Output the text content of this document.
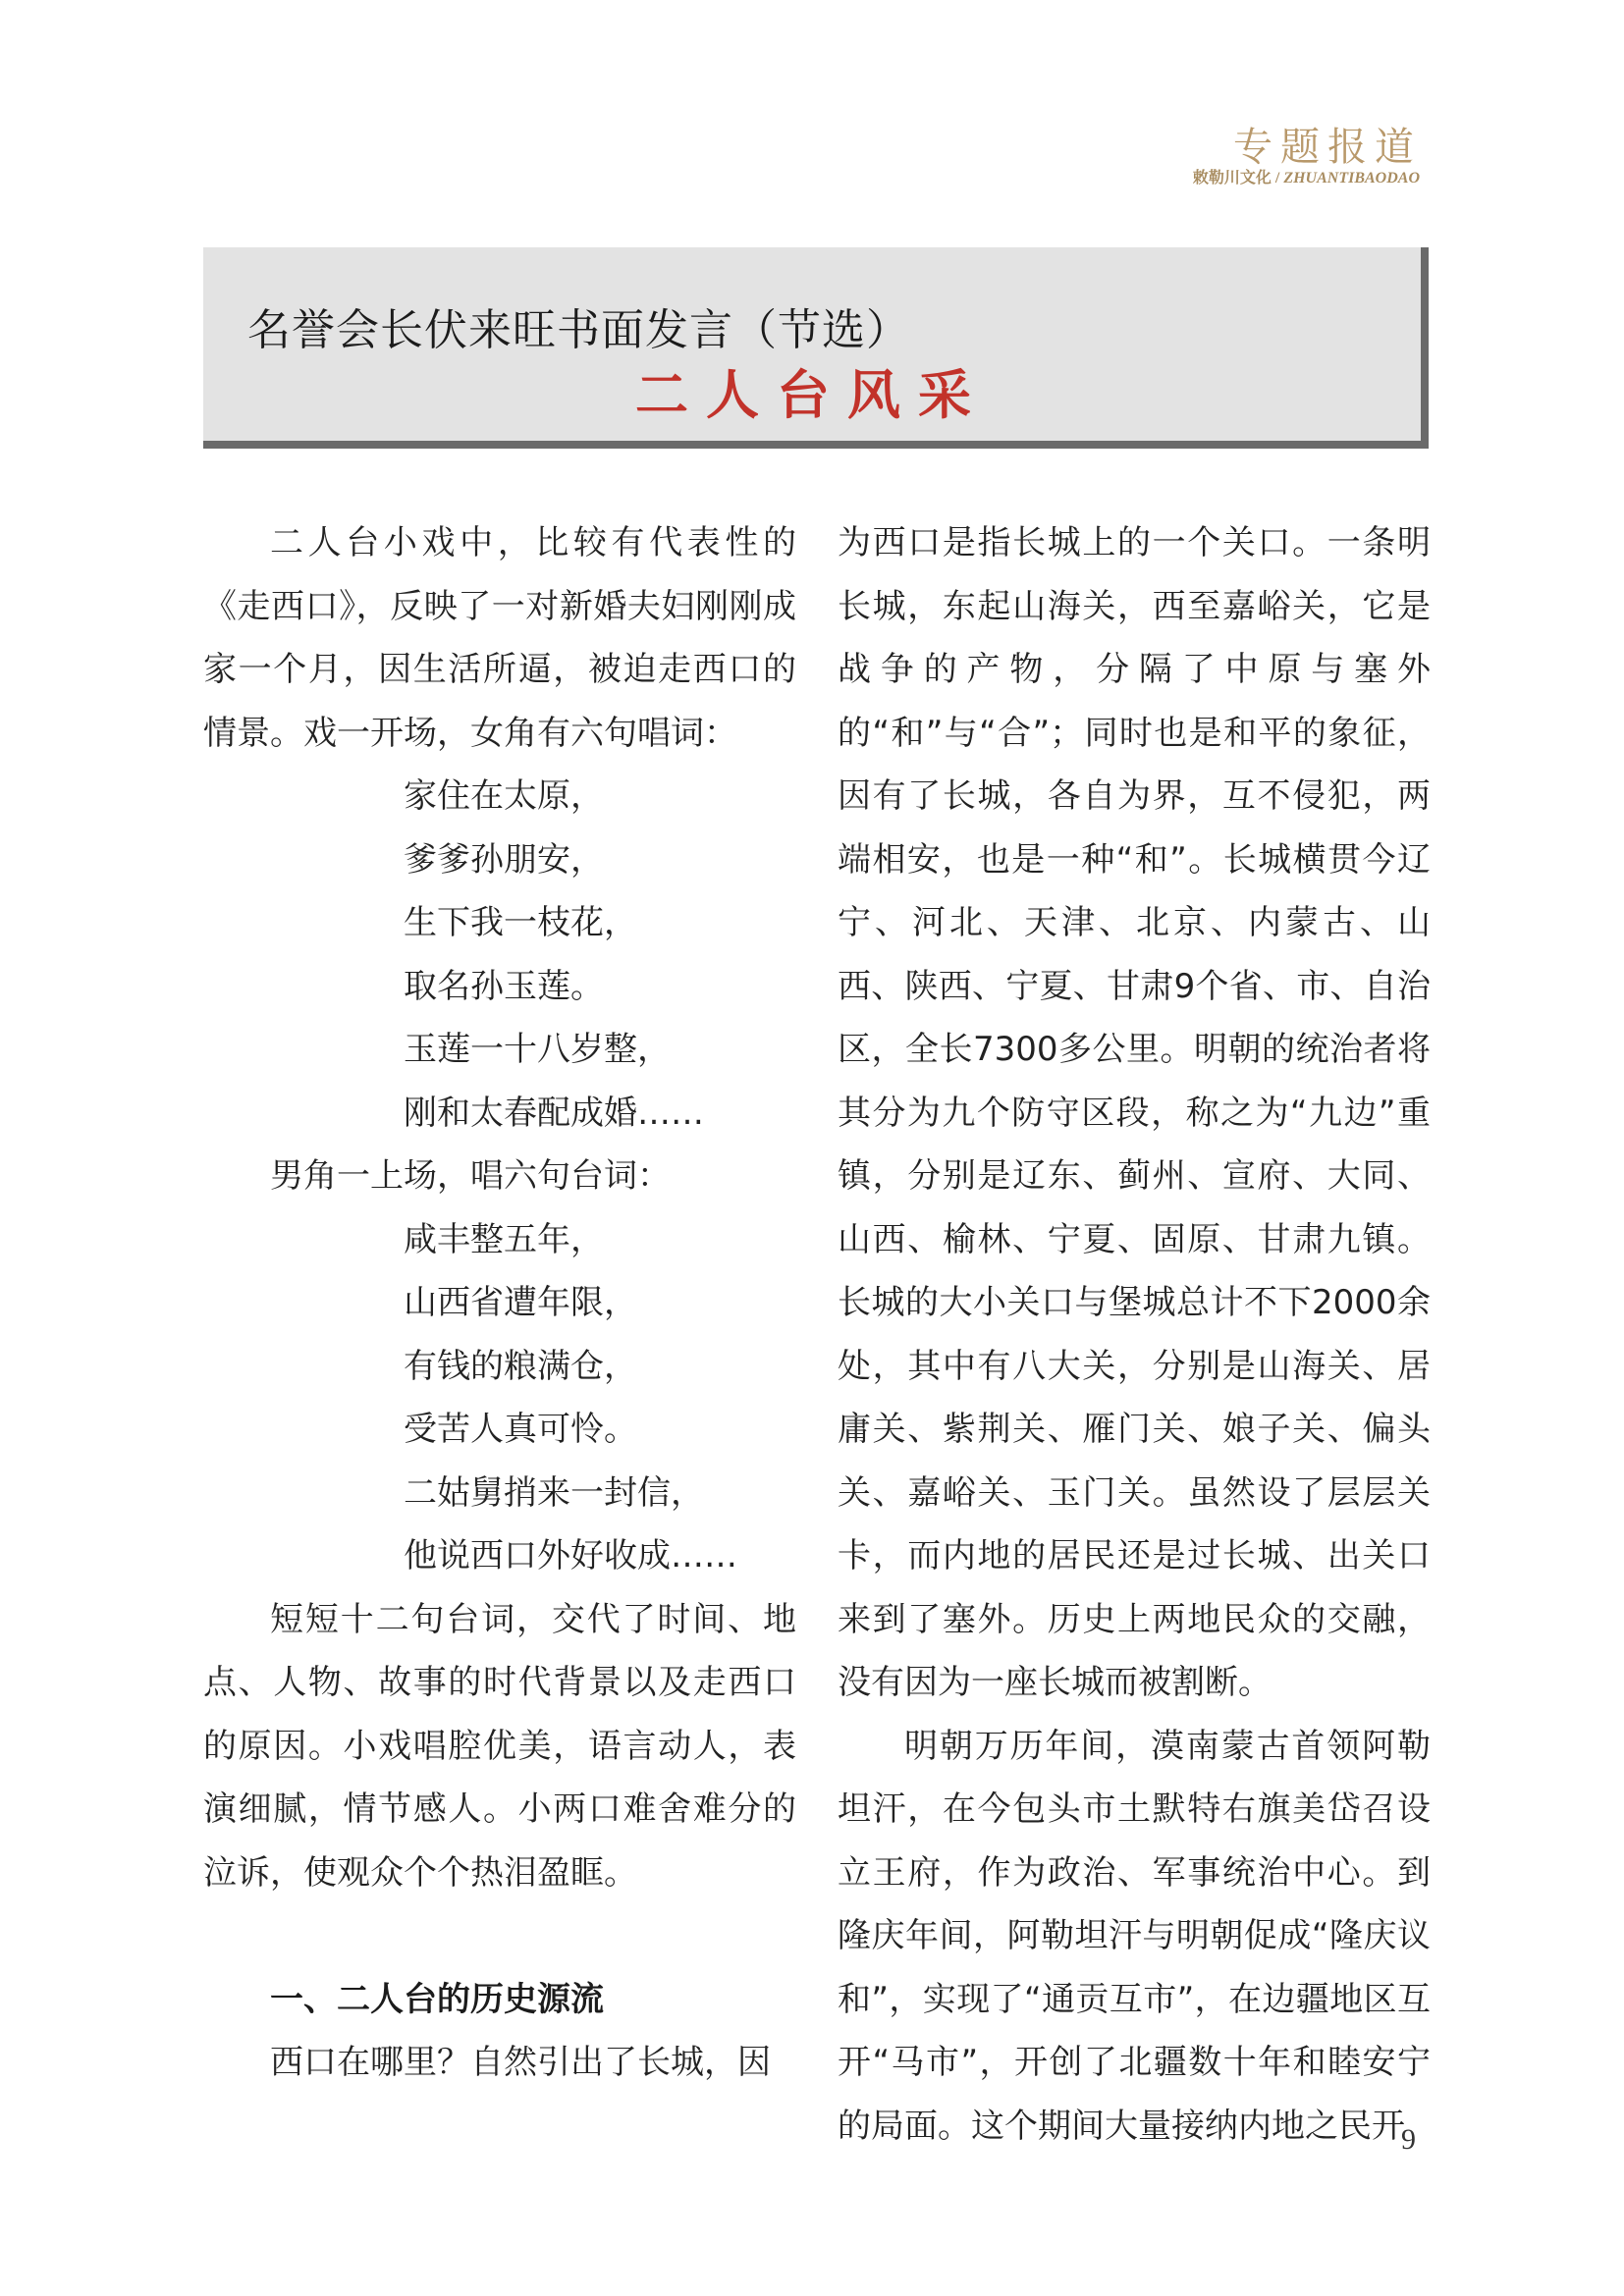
专题报道
敕勒川文化 / ZHUANTIBAODAO
名誉会长伏来旺书面发言（节选）
二人台风采

二人台小戏中，比较有代表性的《走西口》，反映了一对新婚夫妇刚刚成家一个月，因生活所逼，被迫走西口的情景。戏一开场，女角有六句唱词：

家住在太原，

爹爹孙朋安，

生下我一枝花，

取名孙玉莲。

玉莲一十八岁整，

刚和太春配成婚……

男角一上场，唱六句台词：

咸丰整五年，

山西省遭年限，

有钱的粮满仓，

受苦人真可怜。

二姑舅捎来一封信，

他说西口外好收成……

短短十二句台词，交代了时间、地点、人物、故事的时代背景以及走西口的原因。小戏唱腔优美，语言动人，表演细腻，情节感人。小两口难舍难分的泣诉，使观众个个热泪盈眶。

一、二人台的历史源流

西口在哪里？自然引出了长城，因

为西口是指长城上的一个关口。一条明长城，东起山海关，西至嘉峪关，它是战争的产物，分隔了中原与塞外的“和”与“合”；同时也是和平的象征，因有了长城，各自为界，互不侵犯，两端相安，也是一种“和”。长城横贯今辽宁、河北、天津、北京、内蒙古、山西、陕西、宁夏、甘肃9个省、市、自治区，全长7300多公里。明朝的统治者将其分为九个防守区段，称之为“九边”重镇，分别是辽东、蓟州、宣府、大同、山西、榆林、宁夏、固原、甘肃九镇。长城的大小关口与堡城总计不下2000余处，其中有八大关，分别是山海关、居庸关、紫荆关、雁门关、娘子关、偏头关、嘉峪关、玉门关。虽然设了层层关卡，而内地的居民还是过长城、出关口来到了塞外。历史上两地民众的交融，没有因为一座长城而被割断。

明朝万历年间，漠南蒙古首领阿勒坦汗，在今包头市土默特右旗美岱召设立王府，作为政治、军事统治中心。到隆庆年间，阿勒坦汗与明朝促成“隆庆议和”，实现了“通贡互市”，在边疆地区互开“马市”，开创了北疆数十年和睦安宁的局面。这个期间大量接纳内地之民开

9
